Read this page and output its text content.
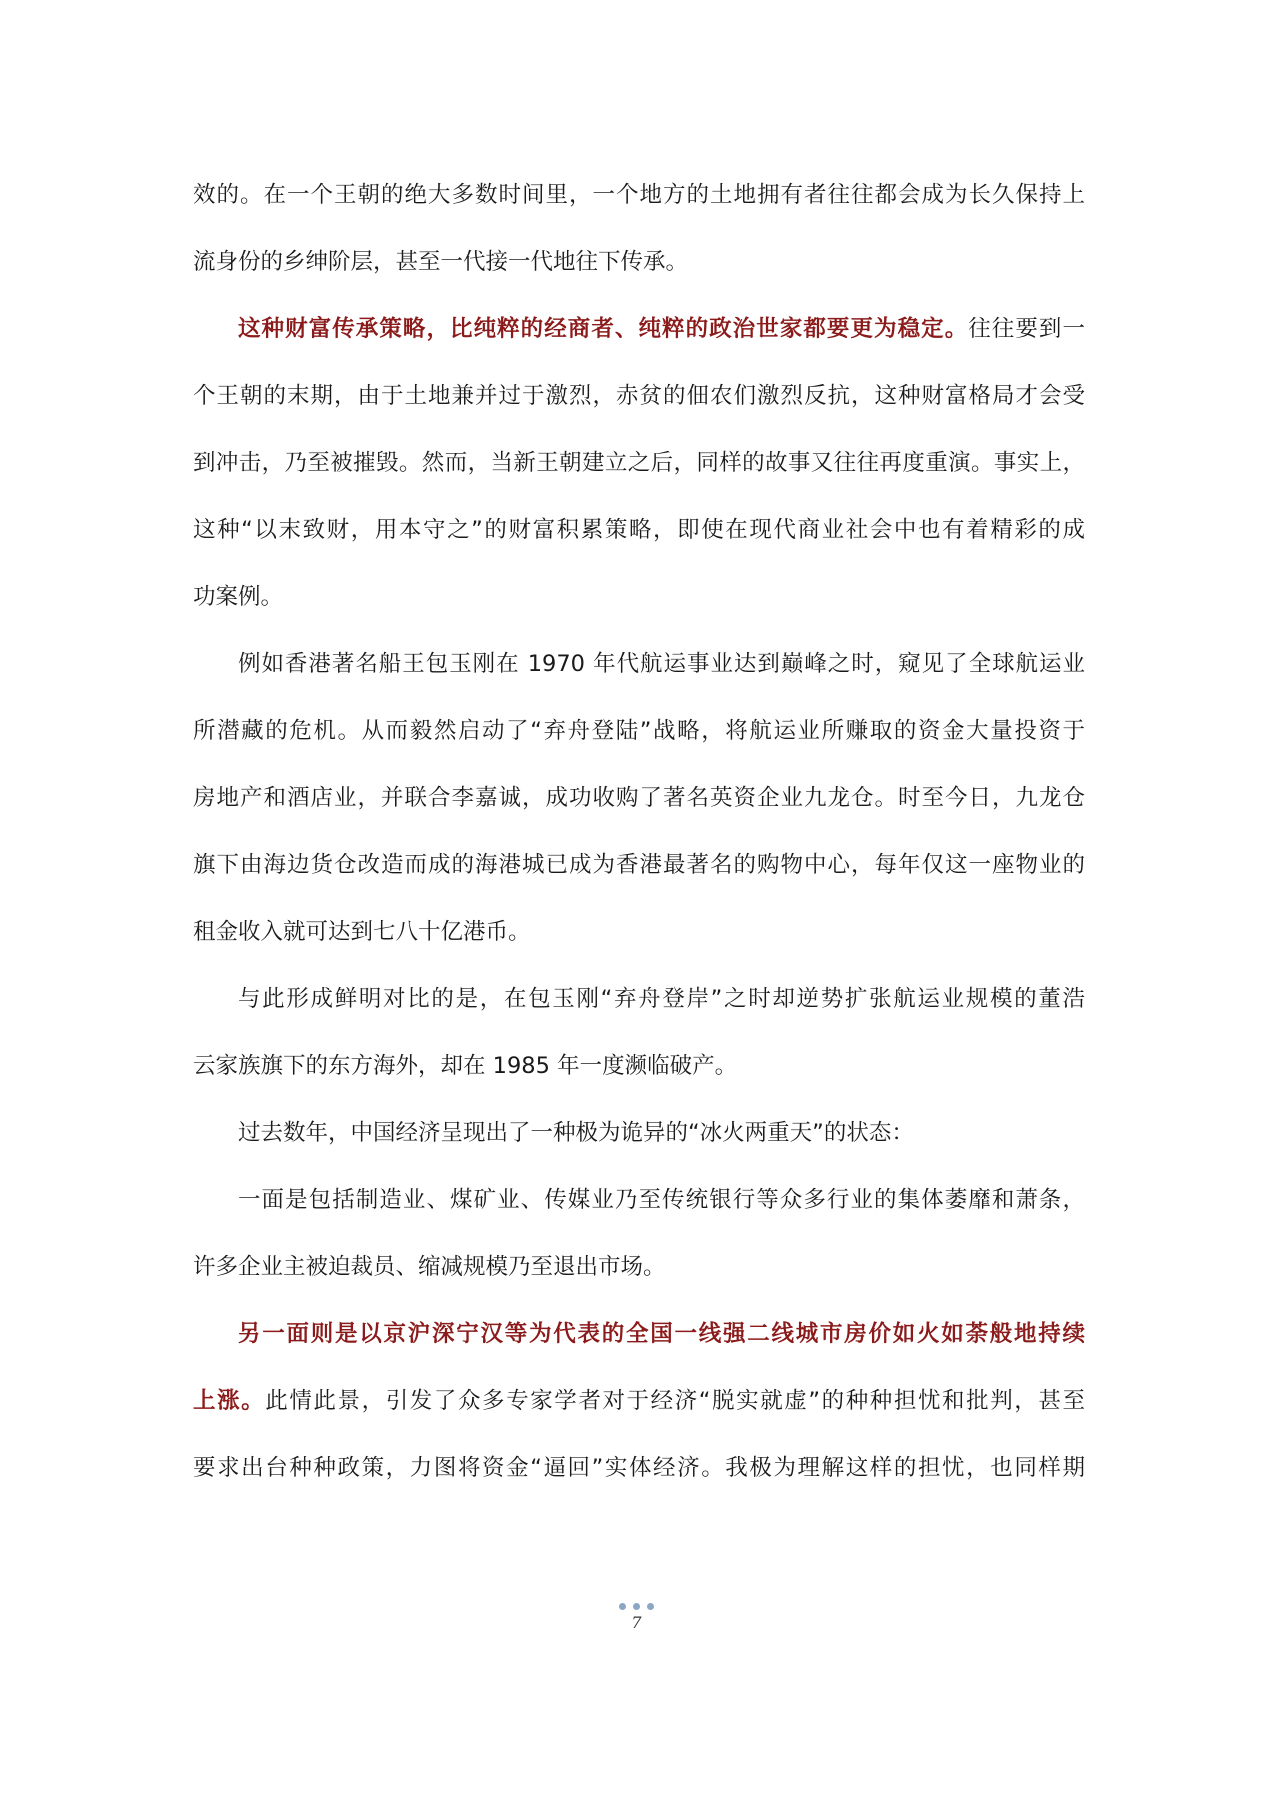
效的。在一个王朝的绝大多数时间里，一个地方的土地拥有者往往都会成为长久保持上

流身份的乡绅阶层，甚至一代接一代地往下传承。

这种财富传承策略，比纯粹的经商者、纯粹的政治世家都要更为稳定。往往要到一

个王朝的末期，由于土地兼并过于激烈，赤贫的佃农们激烈反抗，这种财富格局才会受

到冲击，乃至被摧毁。然而，当新王朝建立之后，同样的故事又往往再度重演。事实上，

这种“以末致财，用本守之”的财富积累策略，即使在现代商业社会中也有着精彩的成

功案例。

例如香港著名船王包玉刚在 1970 年代航运事业达到巅峰之时，窥见了全球航运业

所潜藏的危机。从而毅然启动了“弃舟登陆”战略，将航运业所赚取的资金大量投资于

房地产和酒店业，并联合李嘉诚，成功收购了著名英资企业九龙仓。时至今日，九龙仓

旗下由海边货仓改造而成的海港城已成为香港最著名的购物中心，每年仅这一座物业的

租金收入就可达到七八十亿港币。

与此形成鲜明对比的是，在包玉刚“弃舟登岸”之时却逆势扩张航运业规模的董浩

云家族旗下的东方海外，却在 1985 年一度濒临破产。

过去数年，中国经济呈现出了一种极为诡异的“冰火两重天”的状态：

一面是包括制造业、煤矿业、传媒业乃至传统银行等众多行业的集体萎靡和萧条，

许多企业主被迫裁员、缩减规模乃至退出市场。

另一面则是以京沪深宁汉等为代表的全国一线强二线城市房价如火如荼般地持续

上涨。此情此景，引发了众多专家学者对于经济“脱实就虚”的种种担忧和批判，甚至

要求出台种种政策，力图将资金“逼回”实体经济。我极为理解这样的担忧，也同样期

7
